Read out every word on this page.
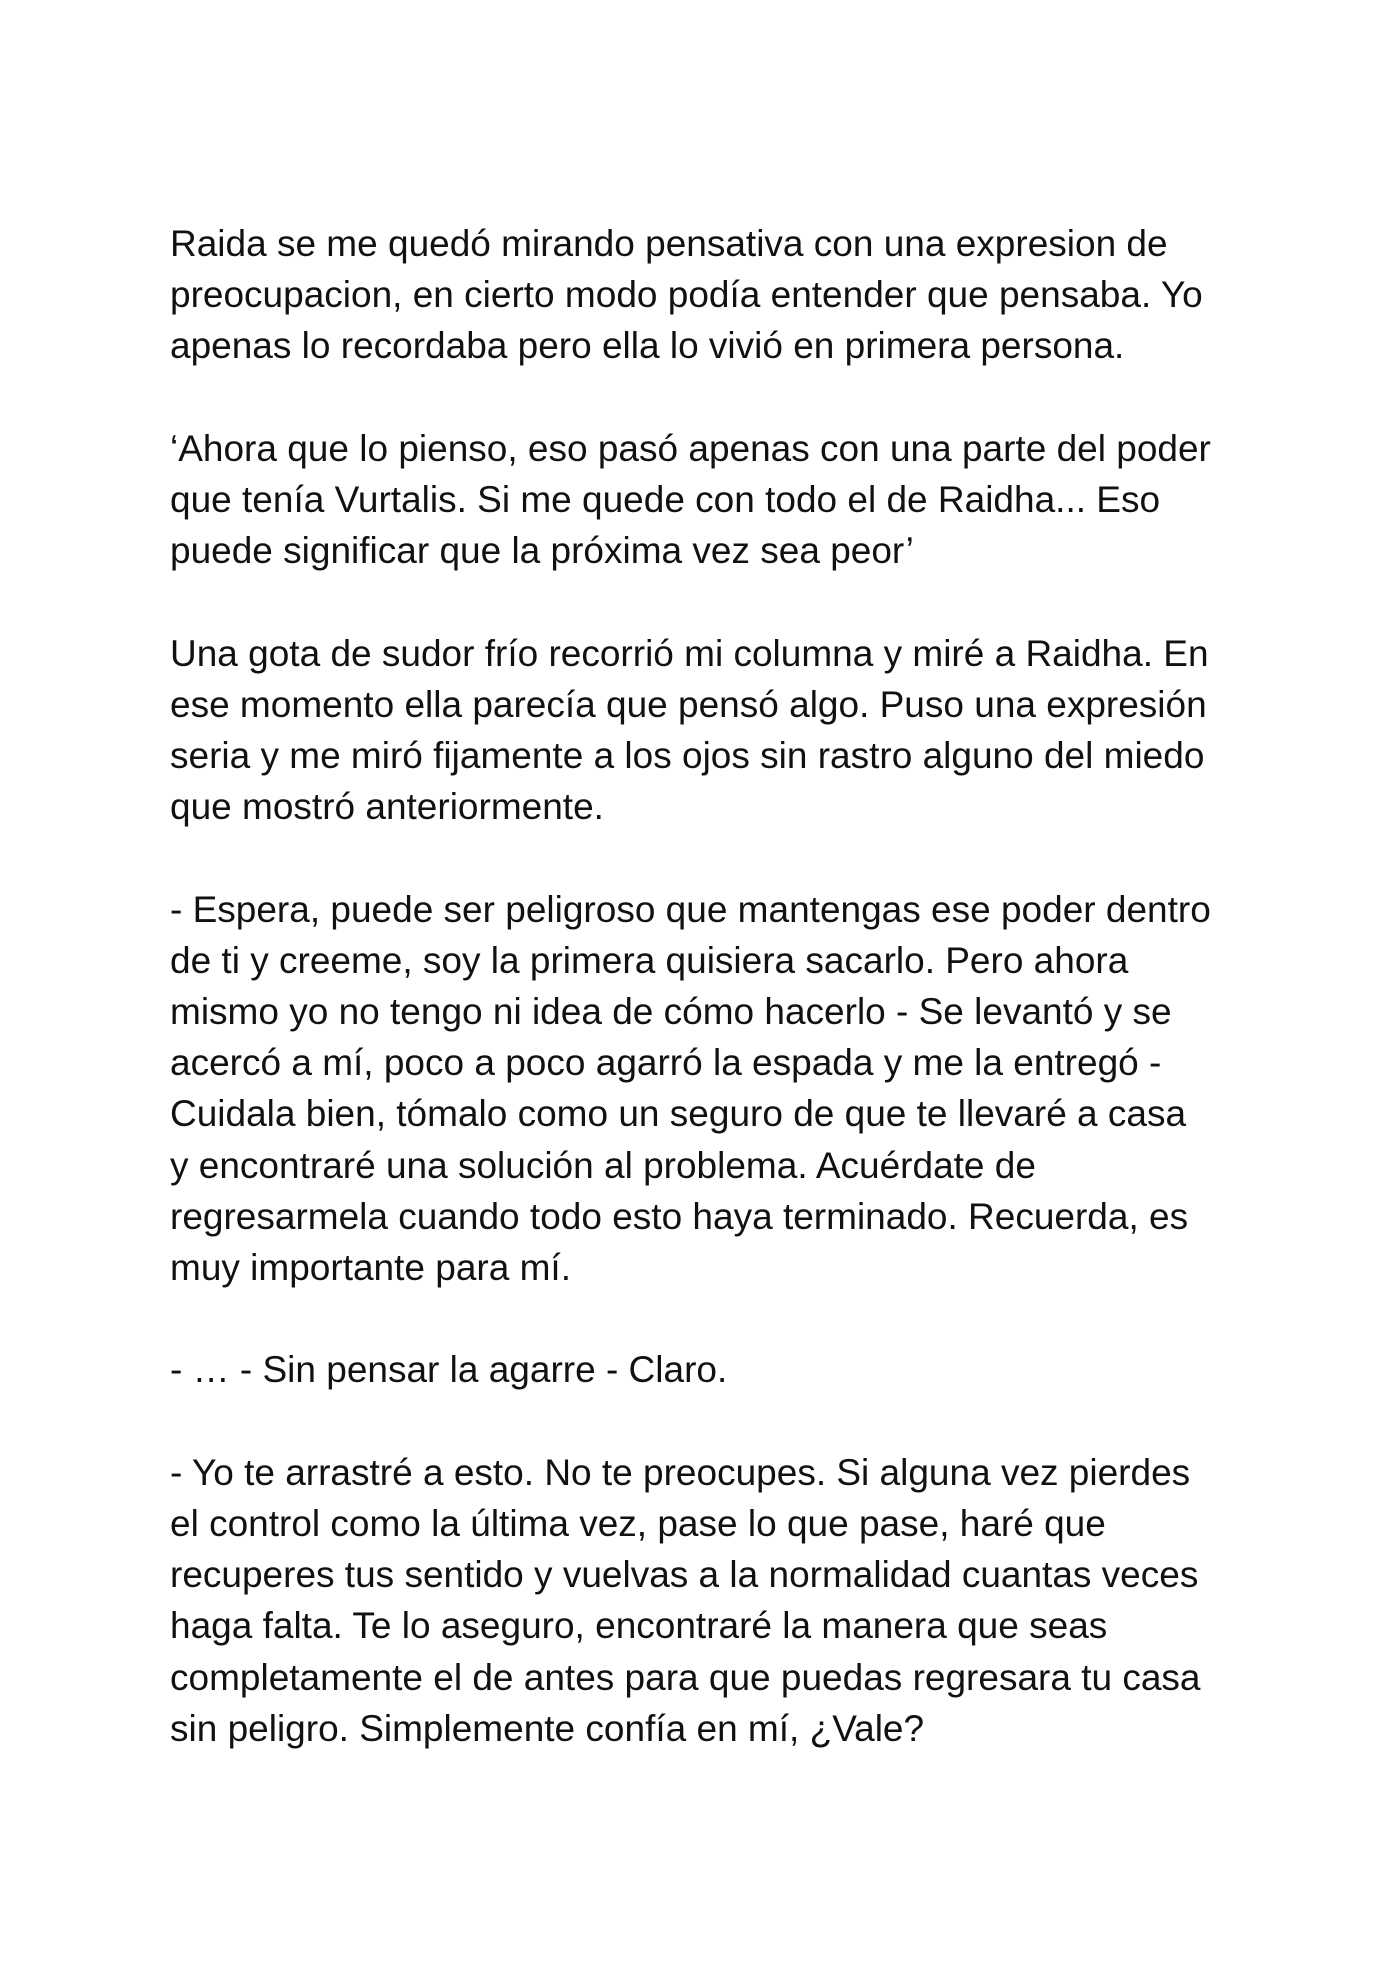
Raida se me quedó mirando pensativa con una expresion de
preocupacion, en cierto modo podía entender que pensaba. Yo
apenas lo recordaba pero ella lo vivió en primera persona.

‘Ahora que lo pienso, eso pasó apenas con una parte del poder
que tenía Vurtalis. Si me quede con todo el de Raidha... Eso
puede significar que la próxima vez sea peor’

Una gota de sudor frío recorrió mi columna y miré a Raidha. En
ese momento ella parecía que pensó algo. Puso una expresión
seria y me miró fijamente a los ojos sin rastro alguno del miedo
que mostró anteriormente.

- Espera, puede ser peligroso que mantengas ese poder dentro
de ti y creeme, soy la primera quisiera sacarlo. Pero ahora
mismo yo no tengo ni idea de cómo hacerlo - Se levantó y se
acercó a mí, poco a poco agarró la espada y me la entregó -
Cuidala bien, tómalo como un seguro de que te llevaré a casa
y encontraré una solución al problema. Acuérdate de
regresarmela cuando todo esto haya terminado. Recuerda, es
muy importante para mí.

- … - Sin pensar la agarre - Claro.

- Yo te arrastré a esto. No te preocupes. Si alguna vez pierdes
el control como la última vez, pase lo que pase, haré que
recuperes tus sentido y vuelvas a la normalidad cuantas veces
haga falta. Te lo aseguro, encontraré la manera que seas
completamente el de antes para que puedas regresara tu casa
sin peligro. Simplemente confía en mí, ¿Vale?
